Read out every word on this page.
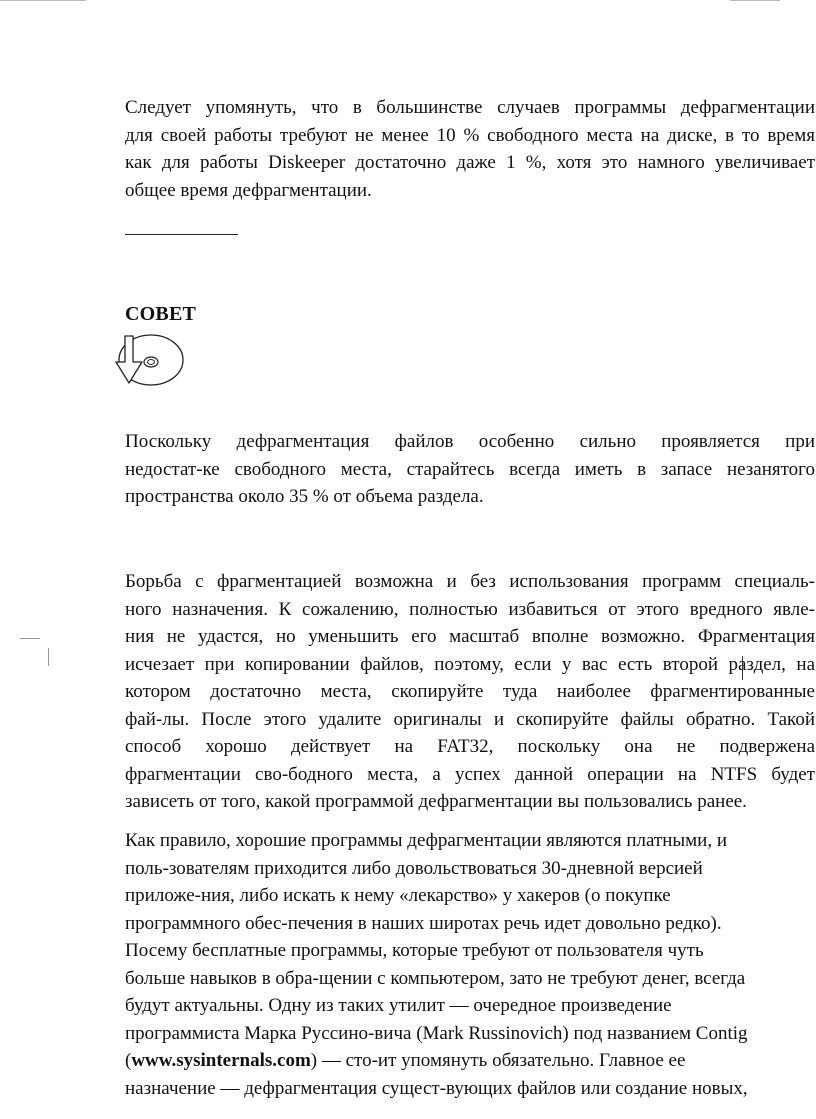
Следует упомянуть, что в большинстве случаев программы дефрагментации
для своей работы требуют не менее 10 % свободного места на диске, в то время
как для работы Diskeeper достаточно даже 1 %, хотя это намного увеличивает
общее время дефрагментации.

СОВЕТ

Поскольку дефрагментация файлов особенно сильно проявляется при
недостат-ке свободного места, старайтесь всегда иметь в запасе незанятого
пространства около 35 % от объема раздела.

Борьба с фрагментацией возможна и без использования программ специаль-
ного назначения. К сожалению, полностью избавиться от этого вредного явле-
ния не удастся, но уменьшить его масштаб вполне возможно. Фрагментация
исчезает при копировании файлов, поэтому, если у вас есть второй раздел, на
котором достаточно места, скопируйте туда наиболее фрагментированные
фай-лы. После этого удалите оригиналы и скопируйте файлы обратно. Такой
способ хорошо действует на FAT32, поскольку она не подвержена
фрагментации сво-бодного места, а успех данной операции на NTFS будет
зависеть от того, какой программой дефрагментации вы пользовались ранее.

Как правило, хорошие программы дефрагментации являются платными, и
поль-зователям приходится либо довольствоваться 30-дневной версией
приложе-ния, либо искать к нему «лекарство» у хакеров (о покупке
программного обес-печения в наших широтах речь идет довольно редко).
Посему бесплатные программы, которые требуют от пользователя чуть
больше навыков в обра-щении с компьютером, зато не требуют денег, всегда
будут актуальны. Одну из таких утилит — очередное произведение
программиста Марка Руссино-вича (Mark Russinovich) под названием Contig
(www.sysinternals.com) — сто-ит упомянуть обязательно. Главное ее
назначение — дефрагментация сущест-вующих файлов или создание новых,
